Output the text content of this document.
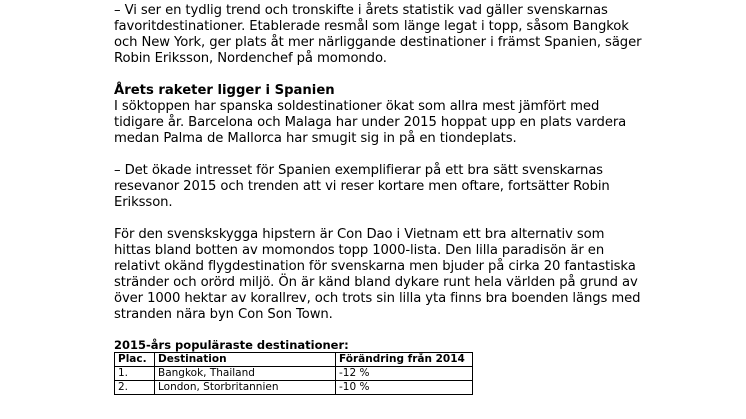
– Vi ser en tydlig trend och tronskifte i årets statistik vad gäller svenskarnas favoritdestinationer. Etablerade resmål som länge legat i topp, såsom Bangkok och New York, ger plats åt mer närliggande destinationer i främst Spanien, säger Robin Eriksson, Nordenchef på momondo.

Årets raketer ligger i Spanien

I söktoppen har spanska soldestinationer ökat som allra mest jämfört med tidigare år. Barcelona och Malaga har under 2015 hoppat upp en plats vardera medan Palma de Mallorca har smugit sig in på en tiondeplats.

– Det ökade intresset för Spanien exemplifierar på ett bra sätt svenskarnas resevanor 2015 och trenden att vi reser kortare men oftare, fortsätter Robin Eriksson.

För den svenskskygga hipstern är Con Dao i Vietnam ett bra alternativ som hittas bland botten av momondos topp 1000-lista. Den lilla paradisön är en relativt okänd flygdestination för svenskarna men bjuder på cirka 20 fantastiska stränder och orörd miljö. Ön är känd bland dykare runt hela världen på grund av över 1000 hektar av korallrev, och trots sin lilla yta finns bra boenden längs med stranden nära byn Con Son Town.

2015-års populäraste destinationer:

Plac.	Destination	Förändring från 2014
1.	Bangkok, Thailand	-12 %
2.	London, Storbritannien	-10 %
